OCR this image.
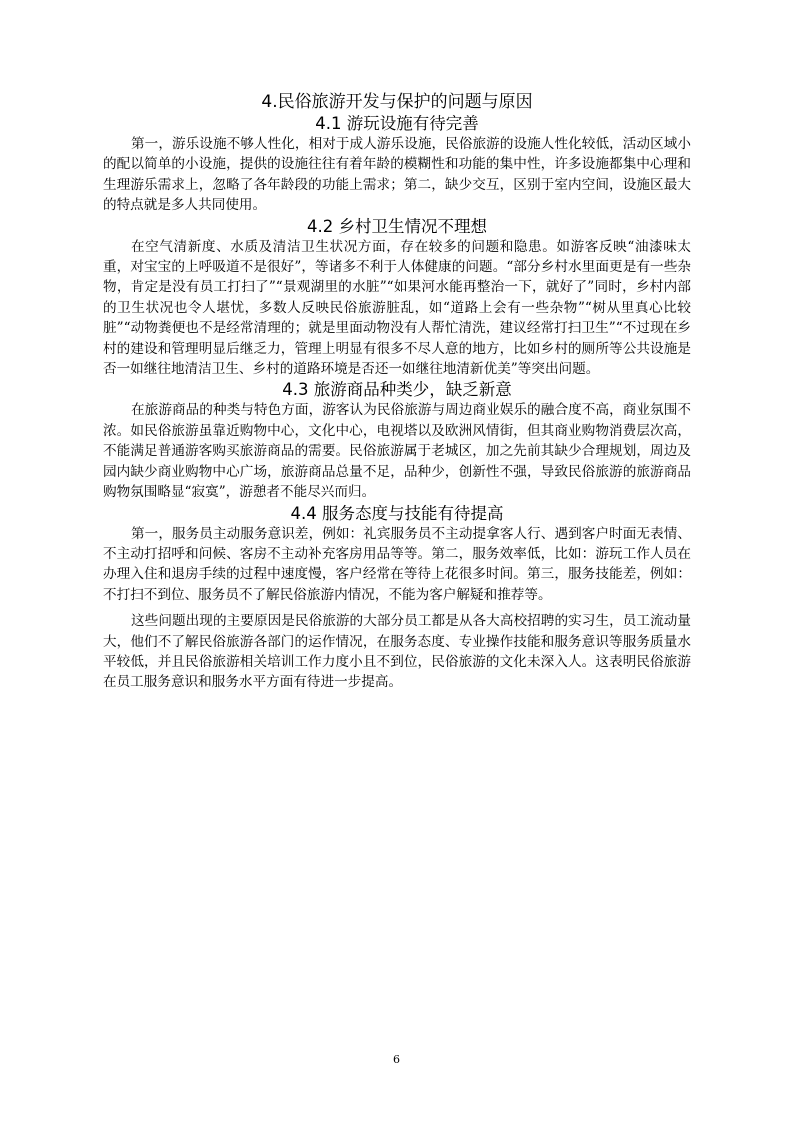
4.民俗旅游开发与保护的问题与原因
4.1 游玩设施有待完善

第一，游乐设施不够人性化，相对于成人游乐设施，民俗旅游的设施人性化较低，活动区域小的配以简单的小设施，提供的设施往往有着年龄的模糊性和功能的集中性，许多设施都集中心理和生理游乐需求上，忽略了各年龄段的功能上需求；第二，缺少交互，区别于室内空间，设施区最大的特点就是多人共同使用。

4.2 乡村卫生情况不理想

在空气清新度、水质及清洁卫生状况方面，存在较多的问题和隐患。如游客反映“油漆味太重，对宝宝的上呼吸道不是很好”，等诸多不利于人体健康的问题。“部分乡村水里面更是有一些杂物，肯定是没有员工打扫了”“景观湖里的水脏”“如果河水能再整治一下，就好了”同时，乡村内部的卫生状况也令人堪忧，多数人反映民俗旅游脏乱，如“道路上会有一些杂物”“树从里真心比较脏”“动物粪便也不是经常清理的；就是里面动物没有人帮忙清洗，建议经常打扫卫生”“不过现在乡村的建设和管理明显后继乏力，管理上明显有很多不尽人意的地方，比如乡村的厕所等公共设施是否一如继往地清洁卫生、乡村的道路环境是否还一如继往地清新优美”等突出问题。

4.3 旅游商品种类少，缺乏新意

在旅游商品的种类与特色方面，游客认为民俗旅游与周边商业娱乐的融合度不高，商业氛围不浓。如民俗旅游虽靠近购物中心，文化中心，电视塔以及欧洲风情街，但其商业购物消费层次高，不能满足普通游客购买旅游商品的需要。民俗旅游属于老城区，加之先前其缺少合理规划，周边及园内缺少商业购物中心广场，旅游商品总量不足，品种少，创新性不强，导致民俗旅游的旅游商品购物氛围略显“寂寞”，游憩者不能尽兴而归。

4.4 服务态度与技能有待提高

第一，服务员主动服务意识差，例如：礼宾服务员不主动提拿客人行、遇到客户时面无表情、不主动打招呼和问候、客房不主动补充客房用品等等。第二，服务效率低，比如：游玩工作人员在办理入住和退房手续的过程中速度慢，客户经常在等待上花很多时间。第三，服务技能差，例如：不打扫不到位、服务员不了解民俗旅游内情况，不能为客户解疑和推荐等。

这些问题出现的主要原因是民俗旅游的大部分员工都是从各大高校招聘的实习生，员工流动量大，他们不了解民俗旅游各部门的运作情况，在服务态度、专业操作技能和服务意识等服务质量水平较低，并且民俗旅游相关培训工作力度小且不到位，民俗旅游的文化未深入人。这表明民俗旅游在员工服务意识和服务水平方面有待进一步提高。

6
